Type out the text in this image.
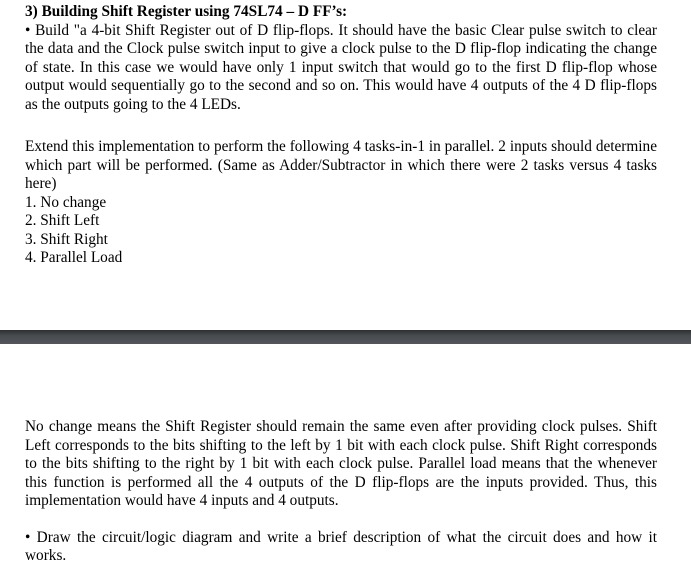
3) Building Shift Register using 74SL74 – D FF’s:

• Build "a 4-bit Shift Register out of D flip-flops. It should have the basic Clear pulse switch to clear the data and the Clock pulse switch input to give a clock pulse to the D flip-flop indicating the change of state. In this case we would have only 1 input switch that would go to the first D flip-flop whose output would sequentially go to the second and so on. This would have 4 outputs of the 4 D flip-flops as the outputs going to the 4 LEDs.

Extend this implementation to perform the following 4 tasks-in-1 in parallel. 2 inputs should determine which part will be performed. (Same as Adder/Subtractor in which there were 2 tasks versus 4 tasks here)

1. No change
2. Shift Left
3. Shift Right
4. Parallel Load

No change means the Shift Register should remain the same even after providing clock pulses. Shift Left corresponds to the bits shifting to the left by 1 bit with each clock pulse. Shift Right corresponds to the bits shifting to the right by 1 bit with each clock pulse. Parallel load means that the whenever this function is performed all the 4 outputs of the D flip-flops are the inputs provided. Thus, this implementation would have 4 inputs and 4 outputs.

• Draw the circuit/logic diagram and write a brief description of what the circuit does and how it works.
